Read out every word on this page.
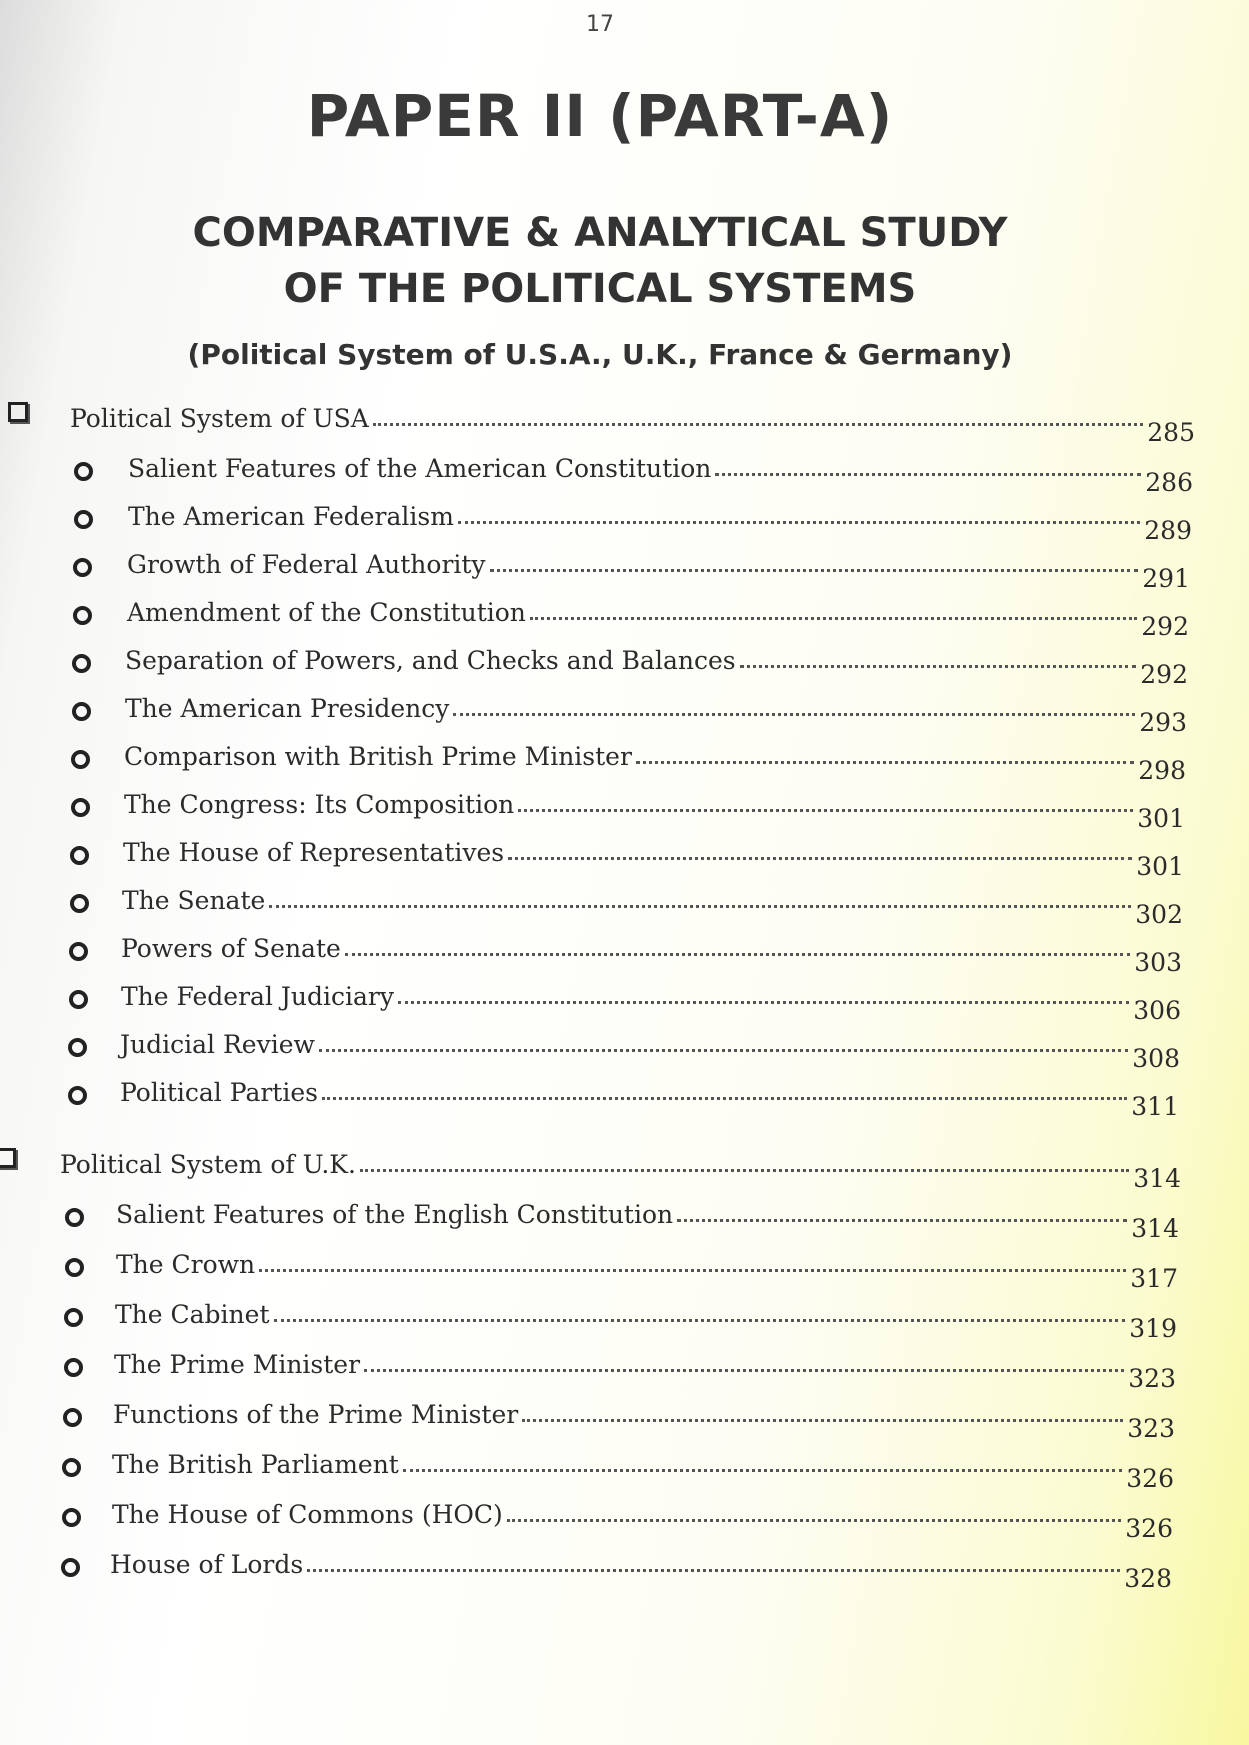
17
PAPER II (PART-A)
COMPARATIVE & ANALYTICAL STUDY
OF THE POLITICAL SYSTEMS
(Political System of U.S.A., U.K., France & Germany)
Political System of USA	285
Salient Features of the American Constitution	286
The American Federalism	289
Growth of Federal Authority	291
Amendment of the Constitution	292
Separation of Powers, and Checks and Balances	292
The American Presidency	293
Comparison with British Prime Minister	298
The Congress: Its Composition	301
The House of Representatives	301
The Senate	302
Powers of Senate	303
The Federal Judiciary	306
Judicial Review	308
Political Parties	311
Political System of U.K.	314
Salient Features of the English Constitution	314
The Crown	317
The Cabinet	319
The Prime Minister	323
Functions of the Prime Minister	323
The British Parliament	326
The House of Commons (HOC)	326
House of Lords	328
